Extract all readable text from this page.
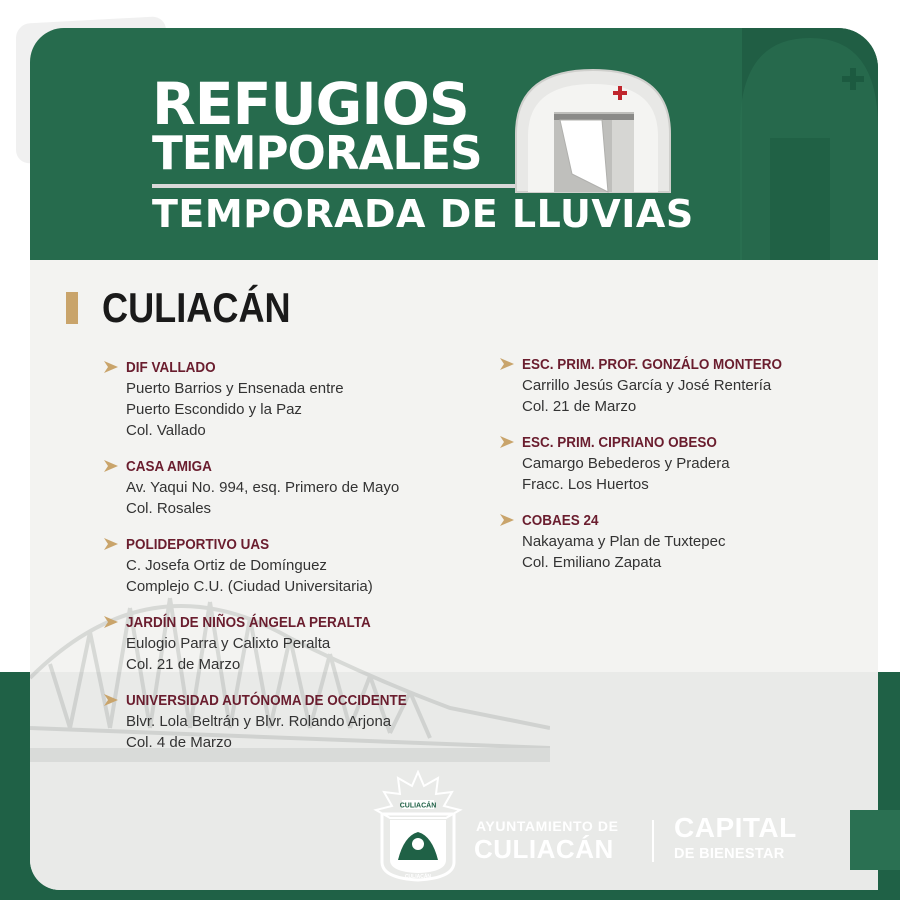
REFUGIOS
TEMPORALES
TEMPORADA DE LLUVIAS
CULIACÁN
DIF VALLADO
Puerto Barrios y Ensenada entre
Puerto Escondido y la Paz
Col. Vallado
CASA AMIGA
Av. Yaqui No. 994, esq. Primero de Mayo
Col. Rosales
POLIDEPORTIVO UAS
C. Josefa Ortiz de Domínguez
Complejo C.U. (Ciudad Universitaria)
JARDÍN DE NIÑOS ÁNGELA PERALTA
Eulogio Parra y Calixto Peralta
Col. 21 de Marzo
UNIVERSIDAD AUTÓNOMA DE OCCIDENTE
Blvr. Lola Beltrán y Blvr. Rolando Arjona
Col. 4 de Marzo
ESC. PRIM. PROF. GONZÁLO MONTERO
Carrillo Jesús García y José Rentería
Col. 21 de Marzo
ESC. PRIM. CIPRIANO OBESO
Camargo Bebederos y Pradera
Fracc. Los Huertos
COBAES 24
Nakayama y Plan de Tuxtepec
Col. Emiliano Zapata
CULIACÁN
CULIACÁN
AYUNTAMIENTO DE
CULIACÁN
CAPITAL
DE BIENESTAR
